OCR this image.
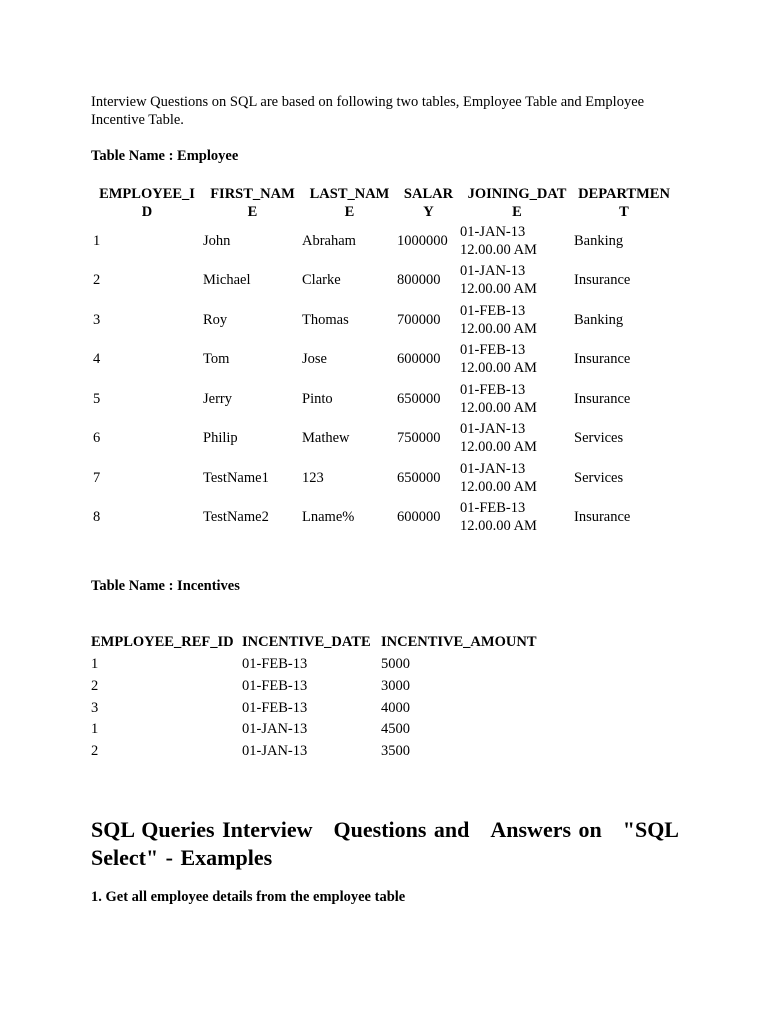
Interview Questions on SQL are based on following two tables, Employee Table and Employee
Incentive Table.
Table Name : Employee
EMPLOYEE_I
D	FIRST_NAM
E	LAST_NAM
E	SALAR
Y	JOINING_DAT
E	DEPARTMEN
T
1	John	Abraham	1000000	01-JAN-13
12.00.00 AM	Banking
2	Michael	Clarke	800000	01-JAN-13
12.00.00 AM	Insurance
3	Roy	Thomas	700000	01-FEB-13
12.00.00 AM	Banking
4	Tom	Jose	600000	01-FEB-13
12.00.00 AM	Insurance
5	Jerry	Pinto	650000	01-FEB-13
12.00.00 AM	Insurance
6	Philip	Mathew	750000	01-JAN-13
12.00.00 AM	Services
7	TestName1	123	650000	01-JAN-13
12.00.00 AM	Services
8	TestName2	Lname%	600000	01-FEB-13
12.00.00 AM	Insurance
Table Name : Incentives
EMPLOYEE_REF_ID	INCENTIVE_DATE	INCENTIVE_AMOUNT
1	01-FEB-13	5000
2	01-FEB-13	3000
3	01-FEB-13	4000
1	01-JAN-13	4500
2	01-JAN-13	3500
SQL Queries Interview Questions and Answers on "SQL
Select" - Examples
1. Get all employee details from the employee table
